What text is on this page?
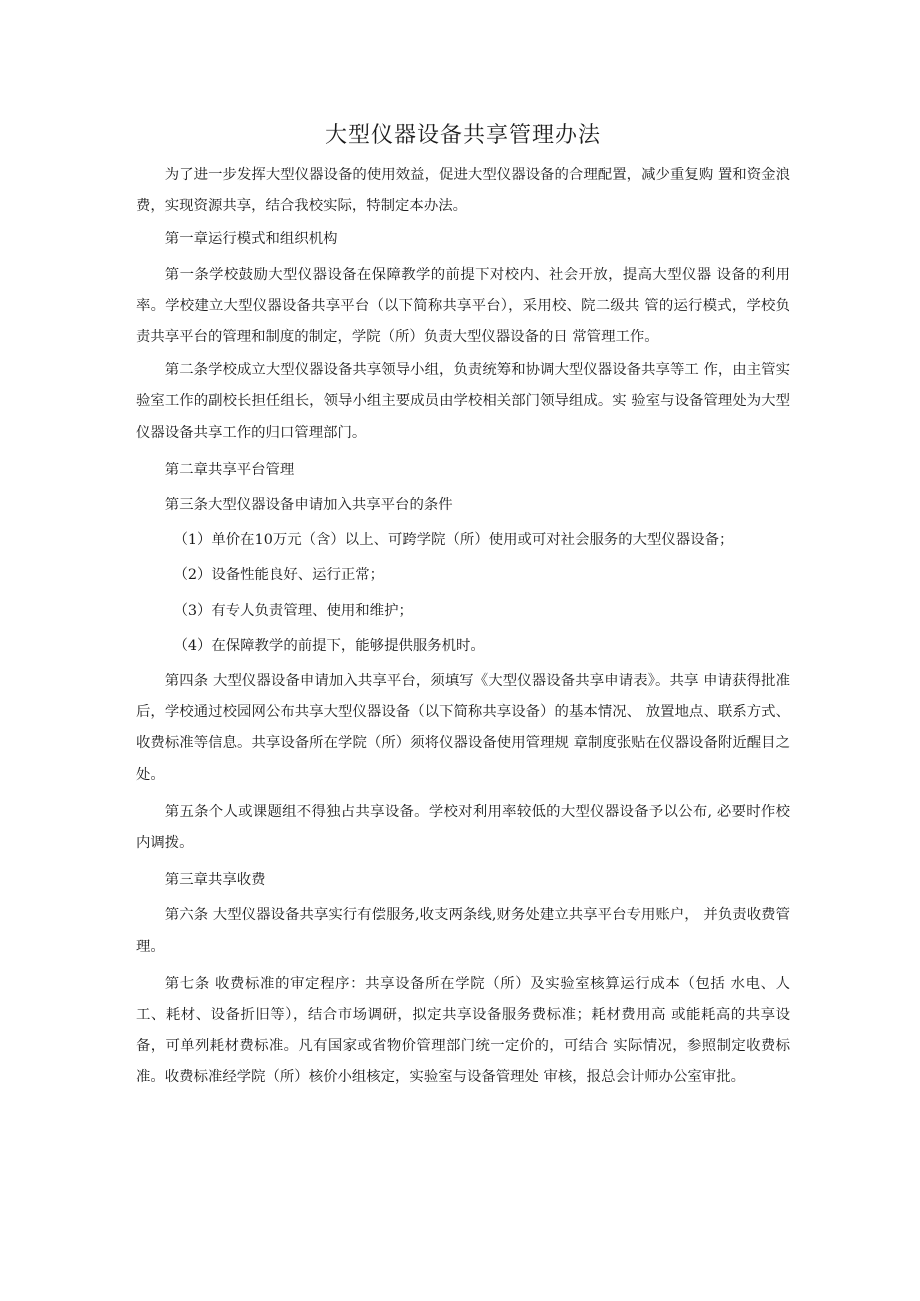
大型仪器设备共享管理办法

为了进一步发挥大型仪器设备的使用效益，促进大型仪器设备的合理配置，减少重复购 置和资金浪费，实现资源共享，结合我校实际，特制定本办法。

第一章运行模式和组织机构

第一条学校鼓励大型仪器设备在保障教学的前提下对校内、社会开放，提高大型仪器 设备的利用率。学校建立大型仪器设备共享平台（以下简称共享平台），采用校、院二级共 管的运行模式，学校负责共享平台的管理和制度的制定，学院（所）负责大型仪器设备的日 常管理工作。

第二条学校成立大型仪器设备共享领导小组，负责统筹和协调大型仪器设备共享等工 作，由主管实验室工作的副校长担任组长，领导小组主要成员由学校相关部门领导组成。实 验室与设备管理处为大型仪器设备共享工作的归口管理部门。

第二章共享平台管理

第三条大型仪器设备申请加入共享平台的条件

（1）单价在10万元（含）以上、可跨学院（所）使用或可对社会服务的大型仪器设备；

（2）设备性能良好、运行正常；

（3）有专人负责管理、使用和维护；

（4）在保障教学的前提下，能够提供服务机时。

第四条 大型仪器设备申请加入共享平台，须填写《大型仪器设备共享申请表》。共享 申请获得批准后，学校通过校园网公布共享大型仪器设备（以下简称共享设备）的基本情况、 放置地点、联系方式、收费标准等信息。共享设备所在学院（所）须将仪器设备使用管理规 章制度张贴在仪器设备附近醒目之处。

第五条个人或课题组不得独占共享设备。学校对利用率较低的大型仪器设备予以公布, 必要时作校内调拨。

第三章共享收费

第六条 大型仪器设备共享实行有偿服务,收支两条线,财务处建立共享平台专用账户， 并负责收费管理。

第七条 收费标准的审定程序：共享设备所在学院（所）及实验室核算运行成本（包括 水电、人工、耗材、设备折旧等），结合市场调研，拟定共享设备服务费标准；耗材费用高 或能耗高的共享设备，可单列耗材费标准。凡有国家或省物价管理部门统一定价的，可结合 实际情况，参照制定收费标准。收费标准经学院（所）核价小组核定，实验室与设备管理处 审核，报总会计师办公室审批。
